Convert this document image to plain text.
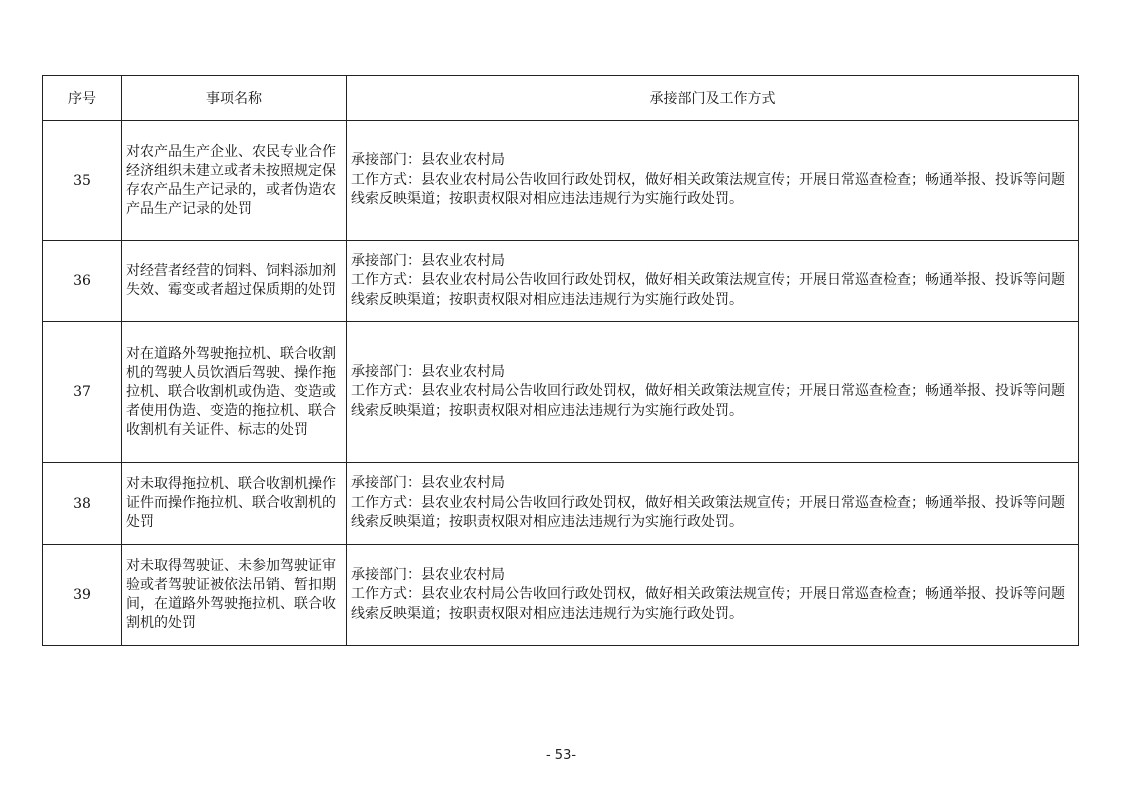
序号	事项名称	承接部门及工作方式
35	对农产品生产企业、农民专业合作经济组织未建立或者未按照规定保存农产品生产记录的，或者伪造农产品生产记录的处罚	承接部门：县农业农村局
工作方式：县农业农村局公告收回行政处罚权，做好相关政策法规宣传；开展日常巡查检查；畅通举报、投诉等问题线索反映渠道；按职责权限对相应违法违规行为实施行政处罚。

36	对经营者经营的饲料、饲料添加剂失效、霉变或者超过保质期的处罚	承接部门：县农业农村局
工作方式：县农业农村局公告收回行政处罚权，做好相关政策法规宣传；开展日常巡查检查；畅通举报、投诉等问题线索反映渠道；按职责权限对相应违法违规行为实施行政处罚。

37	对在道路外驾驶拖拉机、联合收割机的驾驶人员饮酒后驾驶、操作拖拉机、联合收割机或伪造、变造或者使用伪造、变造的拖拉机、联合收割机有关证件、标志的处罚	承接部门：县农业农村局
工作方式：县农业农村局公告收回行政处罚权，做好相关政策法规宣传；开展日常巡查检查；畅通举报、投诉等问题线索反映渠道；按职责权限对相应违法违规行为实施行政处罚。

38	对未取得拖拉机、联合收割机操作证件而操作拖拉机、联合收割机的处罚	承接部门：县农业农村局
工作方式：县农业农村局公告收回行政处罚权，做好相关政策法规宣传；开展日常巡查检查；畅通举报、投诉等问题线索反映渠道；按职责权限对相应违法违规行为实施行政处罚。

39	对未取得驾驶证、未参加驾驶证审验或者驾驶证被依法吊销、暂扣期间，在道路外驾驶拖拉机、联合收割机的处罚	承接部门：县农业农村局
工作方式：县农业农村局公告收回行政处罚权，做好相关政策法规宣传；开展日常巡查检查；畅通举报、投诉等问题线索反映渠道；按职责权限对相应违法违规行为实施行政处罚。
- 53-
